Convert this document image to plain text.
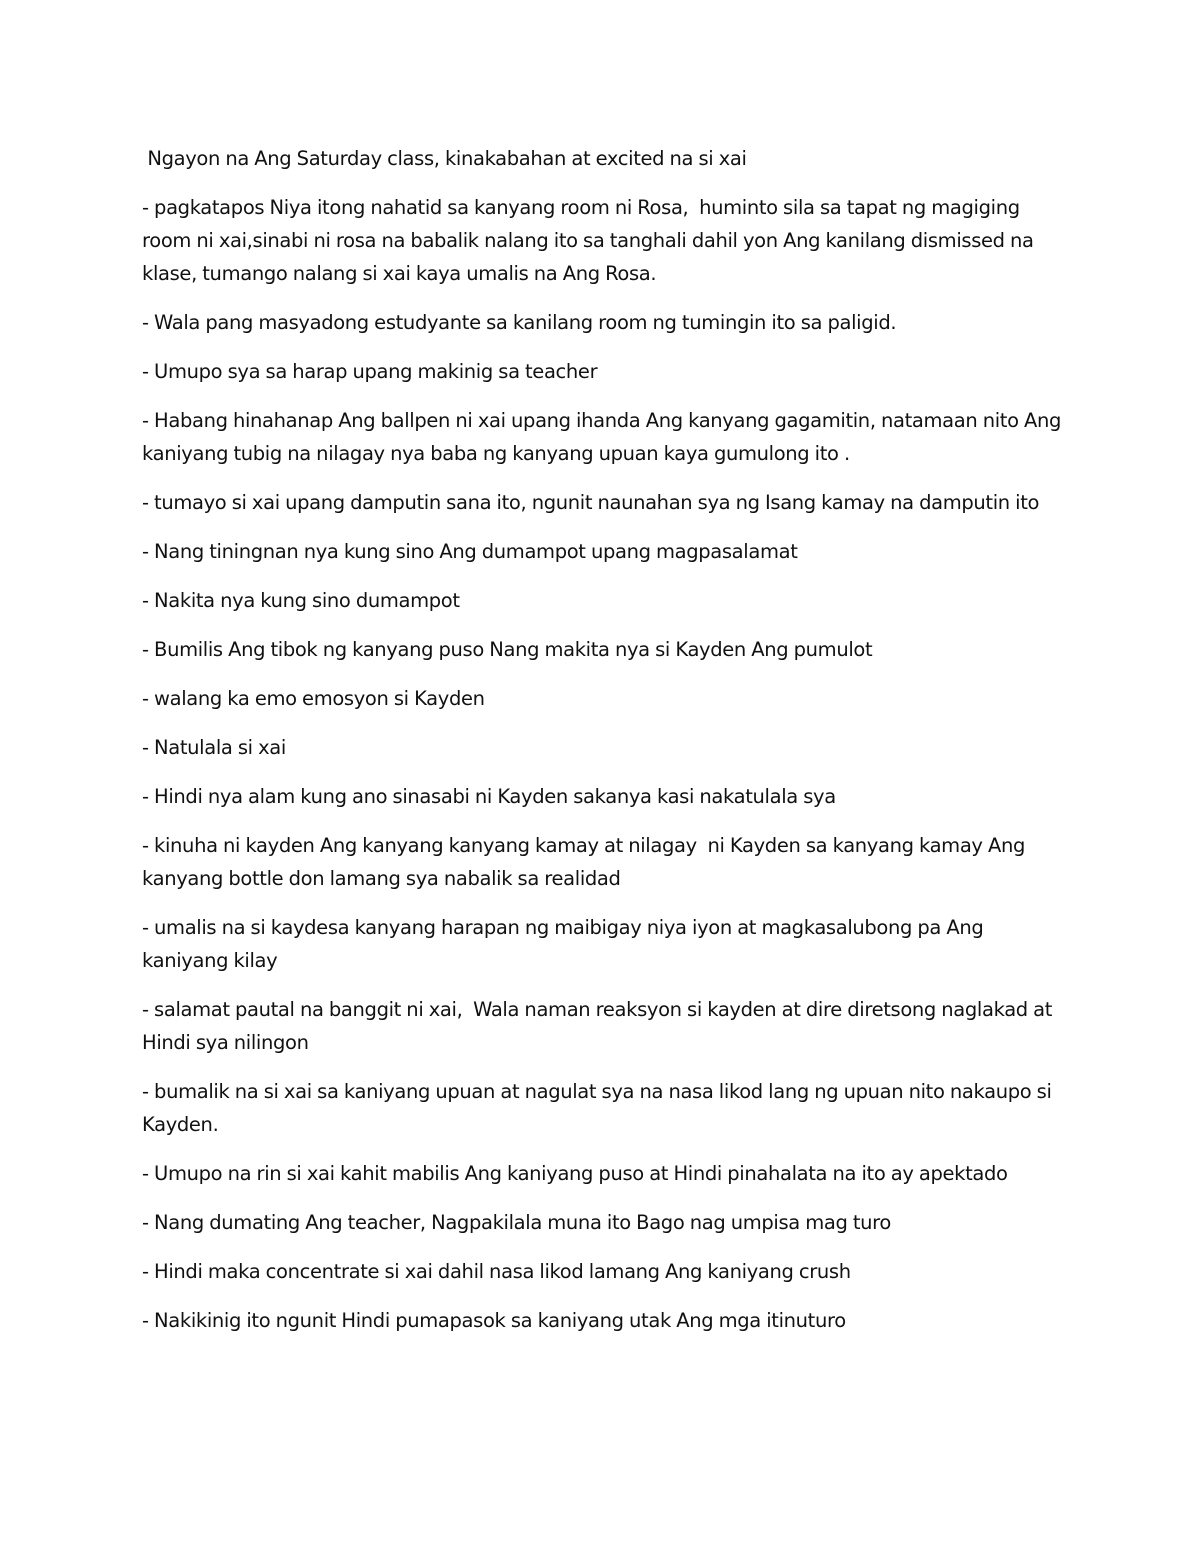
Ngayon na Ang Saturday class, kinakabahan at excited na si xai

- pagkatapos Niya itong nahatid sa kanyang room ni Rosa,  huminto sila sa tapat ng magiging room ni xai,sinabi ni rosa na babalik nalang ito sa tanghali dahil yon Ang kanilang dismissed na klase, tumango nalang si xai kaya umalis na Ang Rosa.

- Wala pang masyadong estudyante sa kanilang room ng tumingin ito sa paligid.

- Umupo sya sa harap upang makinig sa teacher

- Habang hinahanap Ang ballpen ni xai upang ihanda Ang kanyang gagamitin, natamaan nito Ang kaniyang tubig na nilagay nya baba ng kanyang upuan kaya gumulong ito .

- tumayo si xai upang damputin sana ito, ngunit naunahan sya ng Isang kamay na damputin ito

- Nang tiningnan nya kung sino Ang dumampot upang magpasalamat

- Nakita nya kung sino dumampot

- Bumilis Ang tibok ng kanyang puso Nang makita nya si Kayden Ang pumulot

- walang ka emo emosyon si Kayden

- Natulala si xai

- Hindi nya alam kung ano sinasabi ni Kayden sakanya kasi nakatulala sya

- kinuha ni kayden Ang kanyang kanyang kamay at nilagay  ni Kayden sa kanyang kamay Ang kanyang bottle don lamang sya nabalik sa realidad

- umalis na si kaydesa kanyang harapan ng maibigay niya iyon at magkasalubong pa Ang kaniyang kilay

- salamat pautal na banggit ni xai,  Wala naman reaksyon si kayden at dire diretsong naglakad at Hindi sya nilingon

- bumalik na si xai sa kaniyang upuan at nagulat sya na nasa likod lang ng upuan nito nakaupo si Kayden.

- Umupo na rin si xai kahit mabilis Ang kaniyang puso at Hindi pinahalata na ito ay apektado

- Nang dumating Ang teacher, Nagpakilala muna ito Bago nag umpisa mag turo

- Hindi maka concentrate si xai dahil nasa likod lamang Ang kaniyang crush

- Nakikinig ito ngunit Hindi pumapasok sa kaniyang utak Ang mga itinuturo
